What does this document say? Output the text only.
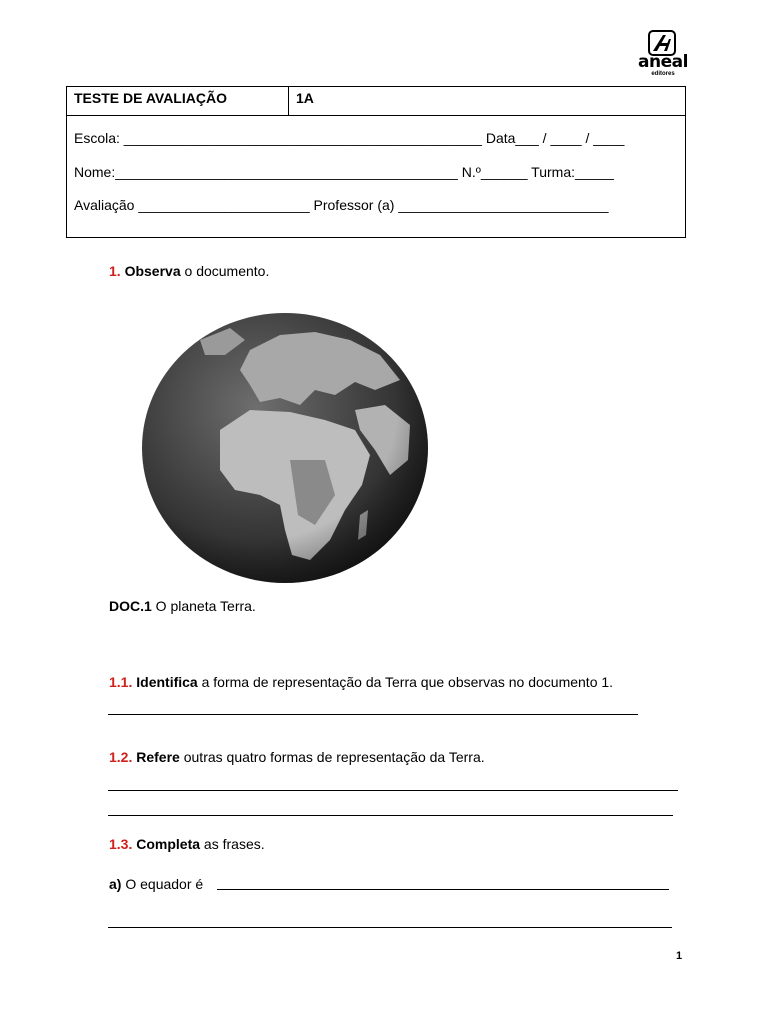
aneal
editores
TESTE DE AVALIAÇÃO	1A
Escola: ______________________________________________ Data___ / ____ / ____
Nome:____________________________________________ N.º______ Turma:_____
Avaliação ______________________ Professor (a) ___________________________
1. Observa o documento.
DOC.1 O planeta Terra.
1.1. Identifica a forma de representação da Terra que observas no documento 1.
1.2. Refere outras quatro formas de representação da Terra.
1.3. Completa as frases.
a) O equador é
1
